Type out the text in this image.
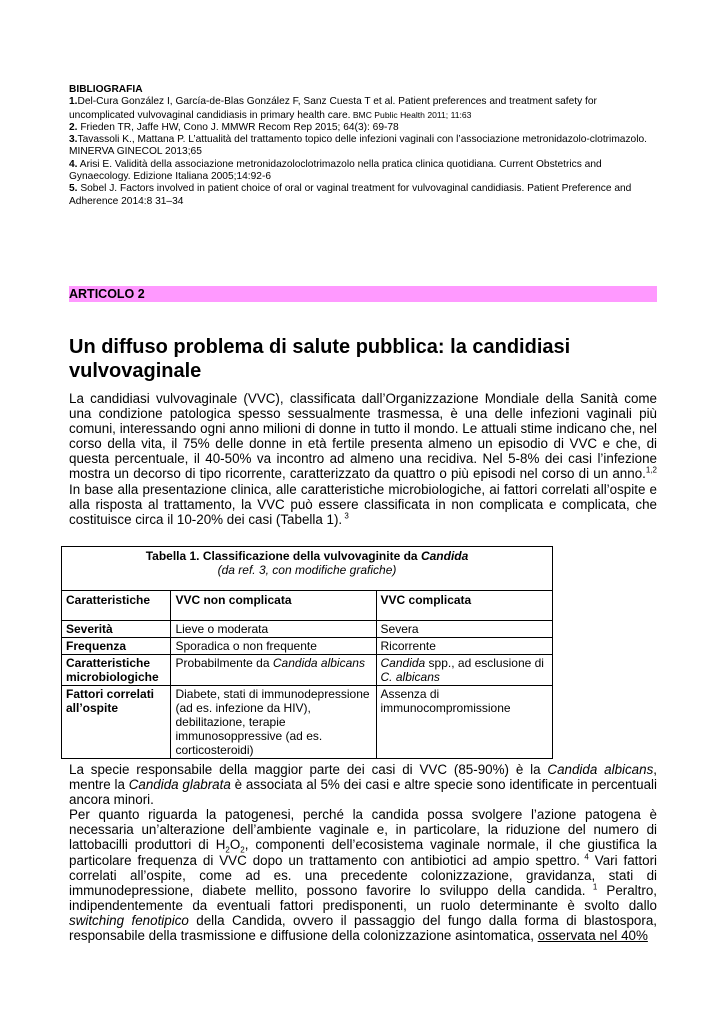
BIBLIOGRAFIA
1.Del-Cura González I, García-de-Blas González F, Sanz Cuesta T et al. Patient preferences and treatment safety for uncomplicated vulvovaginal candidiasis in primary health care. BMC Public Health 2011; 11:63
2. Frieden TR, Jaffe HW, Cono J. MMWR Recom Rep 2015; 64(3): 69-78
3.Tavassoli K., Mattana P. L’attualità del trattamento topico delle infezioni vaginali con l’associazione metronidazolo-clotrimazolo. MINERVA GINECOL 2013;65
4. Arisi E. Validità della associazione metronidazoloclotrimazolo nella pratica clinica quotidiana. Current Obstetrics and Gynaecology. Edizione Italiana 2005;14:92-6
5. Sobel J. Factors involved in patient choice of oral or vaginal treatment for vulvovaginal candidiasis. Patient Preference and Adherence 2014:8 31–34
ARTICOLO 2
Un diffuso problema di salute pubblica: la candidiasi vulvovaginale
La candidiasi vulvovaginale (VVC), classificata dall’Organizzazione Mondiale della Sanità come una condizione patologica spesso sessualmente trasmessa, è una delle infezioni vaginali più comuni, interessando ogni anno milioni di donne in tutto il mondo. Le attuali stime indicano che, nel corso della vita, il 75% delle donne in età fertile presenta almeno un episodio di VVC e che, di questa percentuale, il 40-50% va incontro ad almeno una recidiva. Nel 5-8% dei casi l’infezione mostra un decorso di tipo ricorrente, caratterizzato da quattro o più episodi nel corso di un anno.$^{1,2}$ In base alla presentazione clinica, alle caratteristiche microbiologiche, ai fattori correlati all’ospite e alla risposta al trattamento, la VVC può essere classificata in non complicata e complicata, che costituisce circa il 10-20% dei casi (Tabella 1). $^3$
Tabella 1. Classificazione della vulvovaginite da Candida
(da ref. 3, con modifiche grafiche)		

Caratteristiche	VVC non complicata	VVC complicata
Severità	Lieve o moderata	Severa
Frequenza	Sporadica o non frequente	Ricorrente
Caratteristiche microbiologiche	Probabilmente da Candida albicans	Candida spp., ad esclusione di C. albicans
Fattori correlati all’ospite	Diabete, stati di immunodepressione (ad es. infezione da HIV), debilitazione, terapie immunosoppressive (ad es. corticosteroidi)	Assenza di immunocompromissione
La specie responsabile della maggior parte dei casi di VVC (85-90%) è la Candida albicans, mentre la Candida glabrata è associata al 5% dei casi e altre specie sono identificate in percentuali ancora minori.
Per quanto riguarda la patogenesi, perché la candida possa svolgere l’azione patogena è necessaria un’alterazione dell’ambiente vaginale e, in particolare, la riduzione del numero di lattobacilli produttori di $H_2O_2$, componenti dell’ecosistema vaginale normale, il che giustifica la particolare frequenza di VVC dopo un trattamento con antibiotici ad ampio spettro. $^4$ Vari fattori correlati all’ospite, come ad es. una precedente colonizzazione, gravidanza, stati di immunodepressione, diabete mellito, possono favorire lo sviluppo della candida. $^1$ Peraltro, indipendentemente da eventuali fattori predisponenti, un ruolo determinante è svolto dallo switching fenotipico della Candida, ovvero il passaggio del fungo dalla forma di blastospora, responsabile della trasmissione e diffusione della colonizzazione asintomatica, osservata nel 40%
